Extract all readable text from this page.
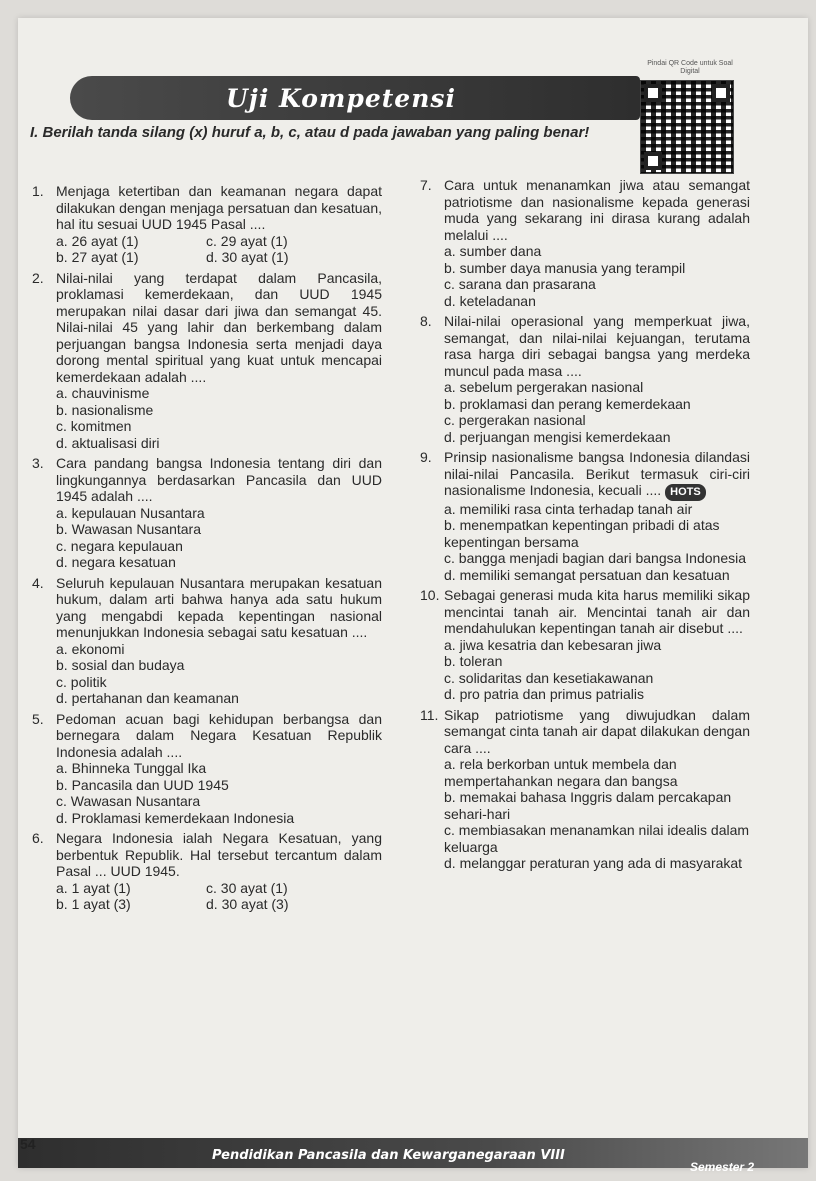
Uji Kompetensi
Pindai QR Code untuk Soal Digital
I. Berilah tanda silang (x) huruf a, b, c, atau d pada jawaban yang paling benar!
1. Menjaga ketertiban dan keamanan negara dapat dilakukan dengan menjaga persatuan dan kesatuan, hal itu sesuai UUD 1945 Pasal ....
a. 26 ayat (1)	c. 29 ayat (1)
b. 27 ayat (1)	d. 30 ayat (1)
2. Nilai-nilai yang terdapat dalam Pancasila, proklamasi kemerdekaan, dan UUD 1945 merupakan nilai dasar dari jiwa dan semangat 45. Nilai-nilai 45 yang lahir dan berkembang dalam perjuangan bangsa Indonesia serta menjadi daya dorong mental spiritual yang kuat untuk mencapai kemerdekaan adalah ....
a. chauvinisme
b. nasionalisme
c. komitmen
d. aktualisasi diri
3. Cara pandang bangsa Indonesia tentang diri dan lingkungannya berdasarkan Pancasila dan UUD 1945 adalah ....
a. kepulauan Nusantara
b. Wawasan Nusantara
c. negara kepulauan
d. negara kesatuan
4. Seluruh kepulauan Nusantara merupakan kesatuan hukum, dalam arti bahwa hanya ada satu hukum yang mengabdi kepada kepentingan nasional menunjukkan Indonesia sebagai satu kesatuan ....
a. ekonomi
b. sosial dan budaya
c. politik
d. pertahanan dan keamanan
5. Pedoman acuan bagi kehidupan berbangsa dan bernegara dalam Negara Kesatuan Republik Indonesia adalah ....
a. Bhinneka Tunggal Ika
b. Pancasila dan UUD 1945
c. Wawasan Nusantara
d. Proklamasi kemerdekaan Indonesia
6. Negara Indonesia ialah Negara Kesatuan, yang berbentuk Republik. Hal tersebut tercantum dalam Pasal ... UUD 1945.
a. 1 ayat (1)	c. 30 ayat (1)
b. 1 ayat (3)	d. 30 ayat (3)
7. Cara untuk menanamkan jiwa atau semangat patriotisme dan nasionalisme kepada generasi muda yang sekarang ini dirasa kurang adalah melalui ....
a. sumber dana
b. sumber daya manusia yang terampil
c. sarana dan prasarana
d. keteladanan
8. Nilai-nilai operasional yang memperkuat jiwa, semangat, dan nilai-nilai kejuangan, terutama rasa harga diri sebagai bangsa yang merdeka muncul pada masa ....
a. sebelum pergerakan nasional
b. proklamasi dan perang kemerdekaan
c. pergerakan nasional
d. perjuangan mengisi kemerdekaan
9. Prinsip nasionalisme bangsa Indonesia dilandasi nilai-nilai Pancasila. Berikut termasuk ciri-ciri nasionalisme Indonesia, kecuali .... HOTS
a. memiliki rasa cinta terhadap tanah air
b. menempatkan kepentingan pribadi di atas kepentingan bersama
c. bangga menjadi bagian dari bangsa Indonesia
d. memiliki semangat persatuan dan kesatuan
10. Sebagai generasi muda kita harus memiliki sikap mencintai tanah air. Mencintai tanah air dan mendahulukan kepentingan tanah air disebut ....
a. jiwa kesatria dan kebesaran jiwa
b. toleran
c. solidaritas dan kesetiakawanan
d. pro patria dan primus patrialis
11. Sikap patriotisme yang diwujudkan dalam semangat cinta tanah air dapat dilakukan dengan cara ....
a. rela berkorban untuk membela dan mempertahankan negara dan bangsa
b. memakai bahasa Inggris dalam percakapan sehari-hari
c. membiasakan menanamkan nilai idealis dalam keluarga
d. melanggar peraturan yang ada di masyarakat
54
Pendidikan Pancasila dan Kewarganegaraan VIII
Semester 2
